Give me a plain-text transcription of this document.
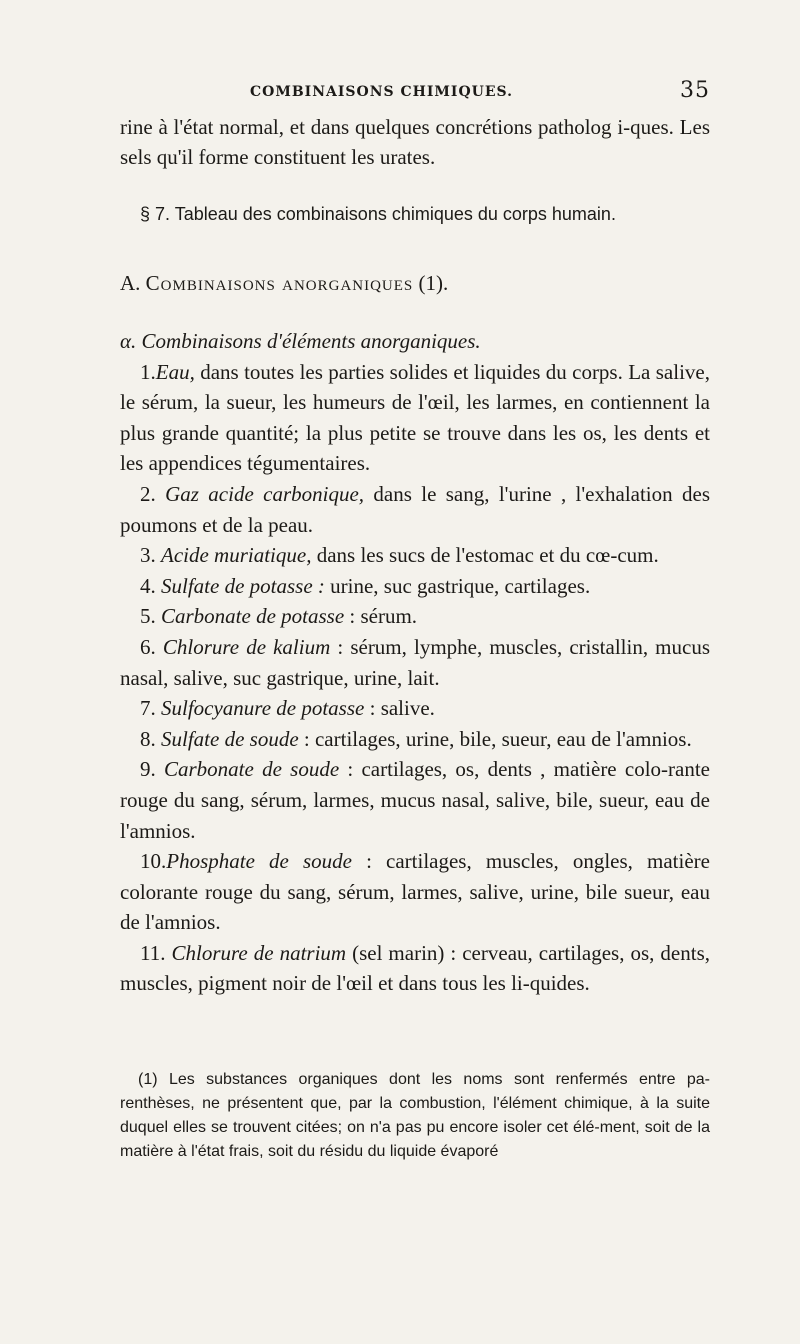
COMBINAISONS CHIMIQUES.	35

rine à l'état normal, et dans quelques concrétions patholog i-ques. Les sels qu'il forme constituent les urates.

§ 7. Tableau des combinaisons chimiques du corps humain.
A. Combinaisons anorganiques (1).

α. Combinaisons d'éléments anorganiques.

1.Eau, dans toutes les parties solides et liquides du corps. La salive, le sérum, la sueur, les humeurs de l'œil, les larmes, en contiennent la plus grande quantité; la plus petite se trouve dans les os, les dents et les appendices tégumentaires.

2. Gaz acide carbonique, dans le sang, l'urine , l'exhalation des poumons et de la peau.

3. Acide muriatique, dans les sucs de l'estomac et du cœ-cum.

4. Sulfate de potasse : urine, suc gastrique, cartilages.

5. Carbonate de potasse : sérum.

6. Chlorure de kalium : sérum, lymphe, muscles, cristallin, mucus nasal, salive, suc gastrique, urine, lait.

7. Sulfocyanure de potasse : salive.

8. Sulfate de soude : cartilages, urine, bile, sueur, eau de l'amnios.

9. Carbonate de soude : cartilages, os, dents , matière colo-rante rouge du sang, sérum, larmes, mucus nasal, salive, bile, sueur, eau de l'amnios.

10.Phosphate de soude : cartilages, muscles, ongles, matière colorante rouge du sang, sérum, larmes, salive, urine, bile sueur, eau de l'amnios.

11. Chlorure de natrium (sel marin) : cerveau, cartilages, os, dents, muscles, pigment noir de l'œil et dans tous les li-quides.

(1) Les substances organiques dont les noms sont renfermés entre pa-renthèses, ne présentent que, par la combustion, l'élément chimique, à la suite duquel elles se trouvent citées; on n'a pas pu encore isoler cet élé-ment, soit de la matière à l'état frais, soit du résidu du liquide évaporé
